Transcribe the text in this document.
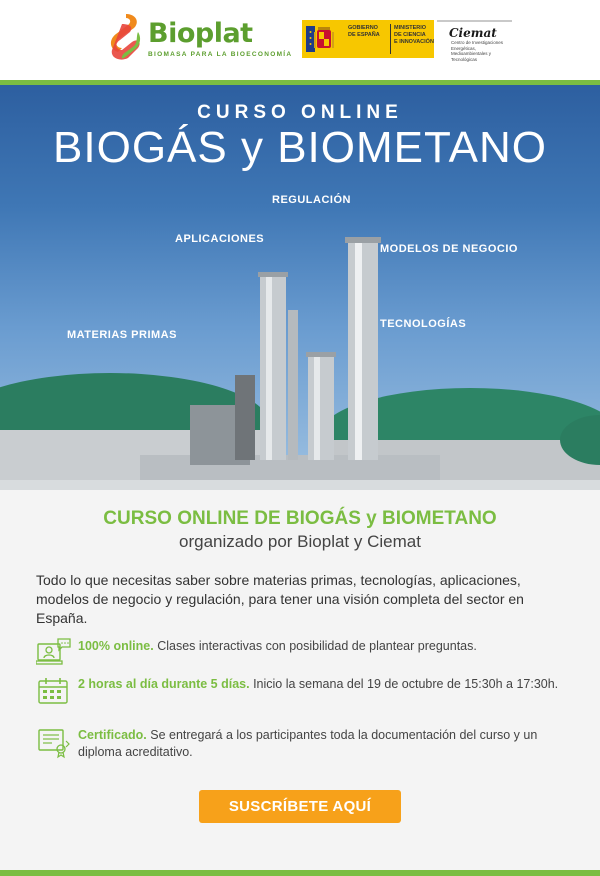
Bioplat
BIOMASA PARA LA BIOECONOMÍA
GOBIERNO
DE ESPAÑA
MINISTERIO
DE CIENCIA
E INNOVACIÓN
Ciemat
Centro de Investigaciones Energéticas, Medioambientales y Tecnológicas
CURSO ONLINE
BIOGÁS y BIOMETANO
REGULACIÓN
APLICACIONES
MODELOS DE NEGOCIO
TECNOLOGÍAS
MATERIAS PRIMAS
CURSO ONLINE DE BIOGÁS y BIOMETANO
organizado por Bioplat y Ciemat
Todo lo que necesitas saber sobre materias primas, tecnologías, aplicaciones, modelos de negocio y regulación, para tener una visión completa del sector en España.
100% online. Clases interactivas con posibilidad de plantear preguntas.
2 horas al día durante 5 días. Inicio la semana del 19 de octubre de 15:30h a 17:30h.
Certificado. Se entregará a los participantes toda la documentación del curso y un diploma acreditativo.
SUSCRÍBETE AQUÍ
